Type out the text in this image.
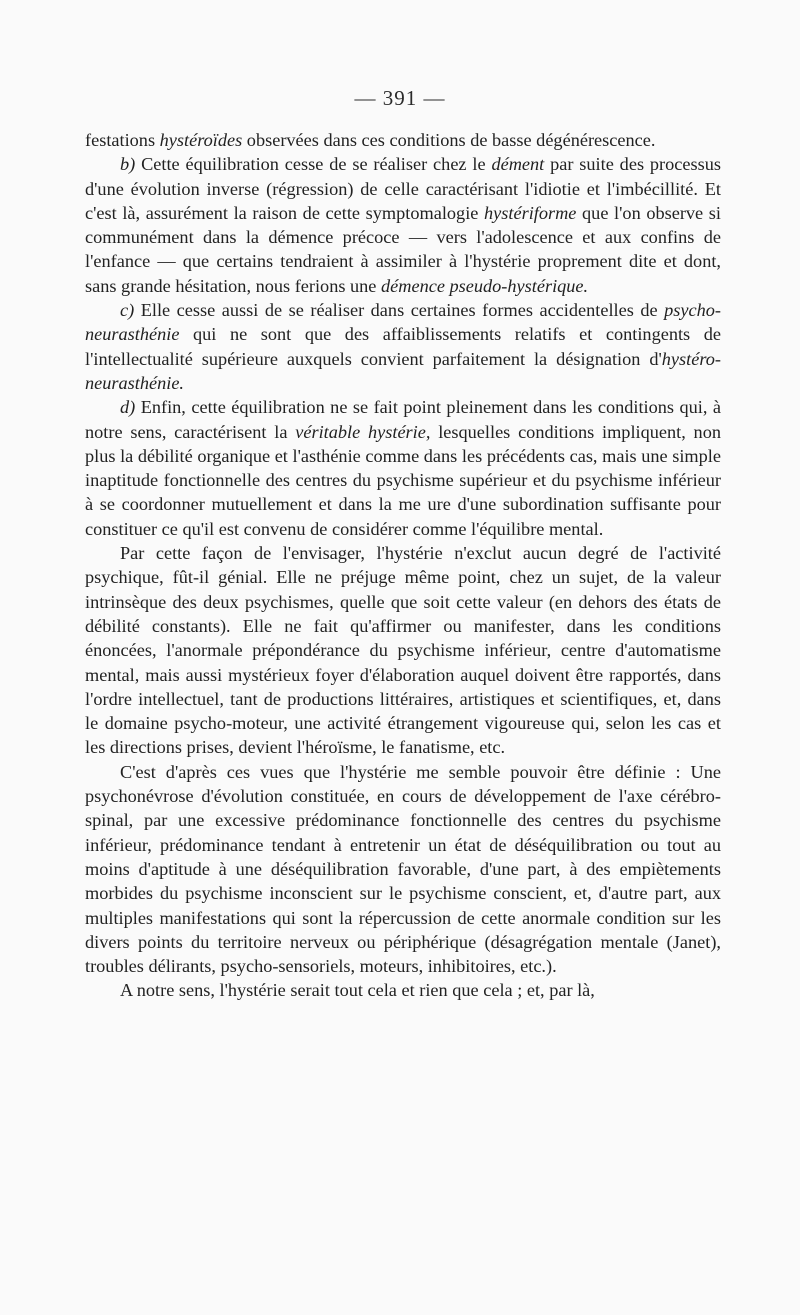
— 391 —

festations hystéroïdes observées dans ces conditions de basse dégénérescence.

b) Cette équilibration cesse de se réaliser chez le dément par suite des processus d'une évolution inverse (régression) de celle caractérisant l'idiotie et l'imbécillité. Et c'est là, assurément la raison de cette symptomalogie hystériforme que l'on observe si communément dans la démence précoce — vers l'adolescence et aux confins de l'enfance — que certains tendraient à assimiler à l'hystérie proprement dite et dont, sans grande hésitation, nous ferions une démence pseudo-hystérique.

c) Elle cesse aussi de se réaliser dans certaines formes accidentelles de psycho-neurasthénie qui ne sont que des affaiblissements relatifs et contingents de l'intellectualité supérieure auxquels convient parfaitement la désignation d'hystéro-neurasthénie.

d) Enfin, cette équilibration ne se fait point pleinement dans les conditions qui, à notre sens, caractérisent la véritable hystérie, lesquelles conditions impliquent, non plus la débilité organique et l'asthénie comme dans les précédents cas, mais une simple inaptitude fonctionnelle des centres du psychisme supérieur et du psychisme inférieur à se coordonner mutuellement et dans la me ure d'une subordination suffisante pour constituer ce qu'il est convenu de considérer comme l'équilibre mental.

Par cette façon de l'envisager, l'hystérie n'exclut aucun degré de l'activité psychique, fût-il génial. Elle ne préjuge même point, chez un sujet, de la valeur intrinsèque des deux psychismes, quelle que soit cette valeur (en dehors des états de débilité constants). Elle ne fait qu'affirmer ou manifester, dans les conditions énoncées, l'anormale prépondérance du psychisme inférieur, centre d'automatisme mental, mais aussi mystérieux foyer d'élaboration auquel doivent être rapportés, dans l'ordre intellectuel, tant de productions littéraires, artistiques et scientifiques, et, dans le domaine psycho-moteur, une activité étrangement vigoureuse qui, selon les cas et les directions prises, devient l'héroïsme, le fanatisme, etc.

C'est d'après ces vues que l'hystérie me semble pouvoir être définie : Une psychonévrose d'évolution constituée, en cours de développement de l'axe cérébro-spinal, par une excessive prédominance fonctionnelle des centres du psychisme inférieur, prédominance tendant à entretenir un état de déséquilibration ou tout au moins d'aptitude à une déséquilibration favorable, d'une part, à des empiètements morbides du psychisme inconscient sur le psychisme conscient, et, d'autre part, aux multiples manifestations qui sont la répercussion de cette anormale condition sur les divers points du territoire nerveux ou périphérique (désagrégation mentale (Janet), troubles délirants, psycho-sensoriels, moteurs, inhibitoires, etc.).

A notre sens, l'hystérie serait tout cela et rien que cela ; et, par là,
